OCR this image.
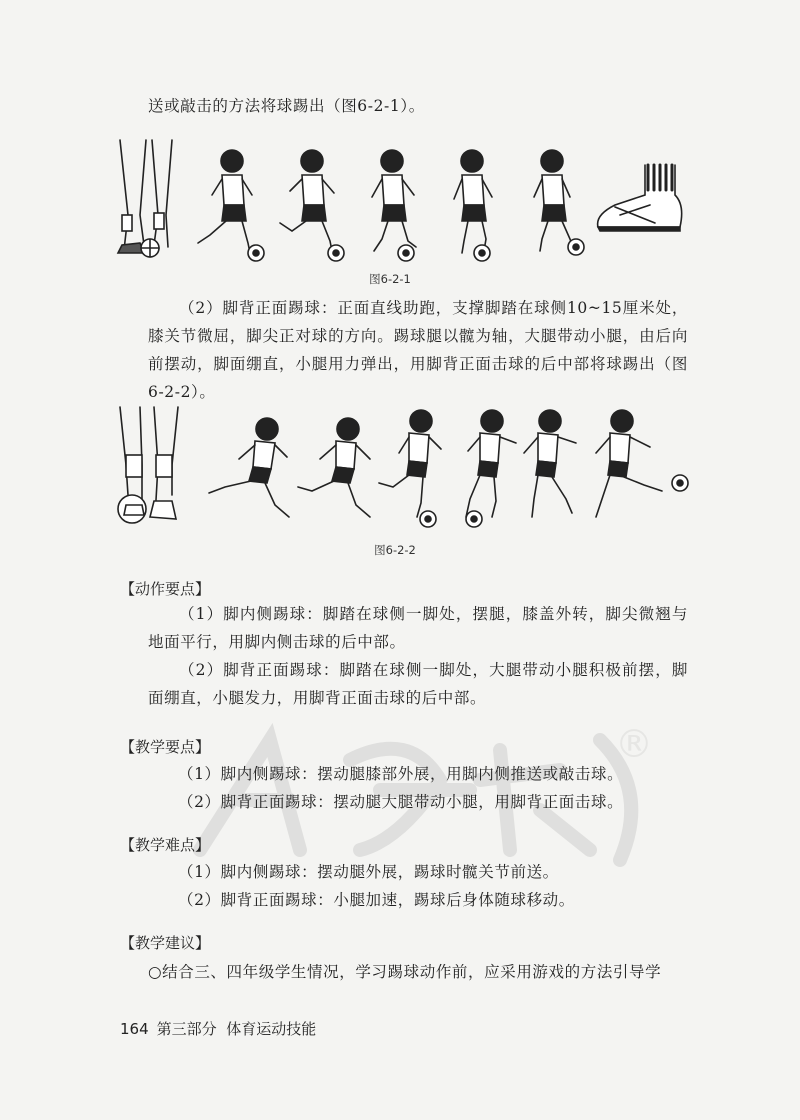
®

送或敲击的方法将球踢出（图6-2-1）。

图6-2-1

（2）脚背正面踢球：正面直线助跑，支撑脚踏在球侧10~15厘米处，膝关节微屈，脚尖正对球的方向。踢球腿以髋为轴，大腿带动小腿，由后向前摆动，脚面绷直，小腿用力弹出，用脚背正面击球的后中部将球踢出（图6-2-2）。

图6-2-2

【动作要点】

（1）脚内侧踢球：脚踏在球侧一脚处，摆腿，膝盖外转，脚尖微翘与地面平行，用脚内侧击球的后中部。

（2）脚背正面踢球：脚踏在球侧一脚处，大腿带动小腿积极前摆，脚面绷直，小腿发力，用脚背正面击球的后中部。

【教学要点】

（1）脚内侧踢球：摆动腿膝部外展，用脚内侧推送或敲击球。

（2）脚背正面踢球：摆动腿大腿带动小腿，用脚背正面击球。

【教学难点】

（1）脚内侧踢球：摆动腿外展，踢球时髋关节前送。

（2）脚背正面踢球：小腿加速，踢球后身体随球移动。

【教学建议】

○结合三、四年级学生情况，学习踢球动作前，应采用游戏的方法引导学

164 第三部分 体育运动技能
